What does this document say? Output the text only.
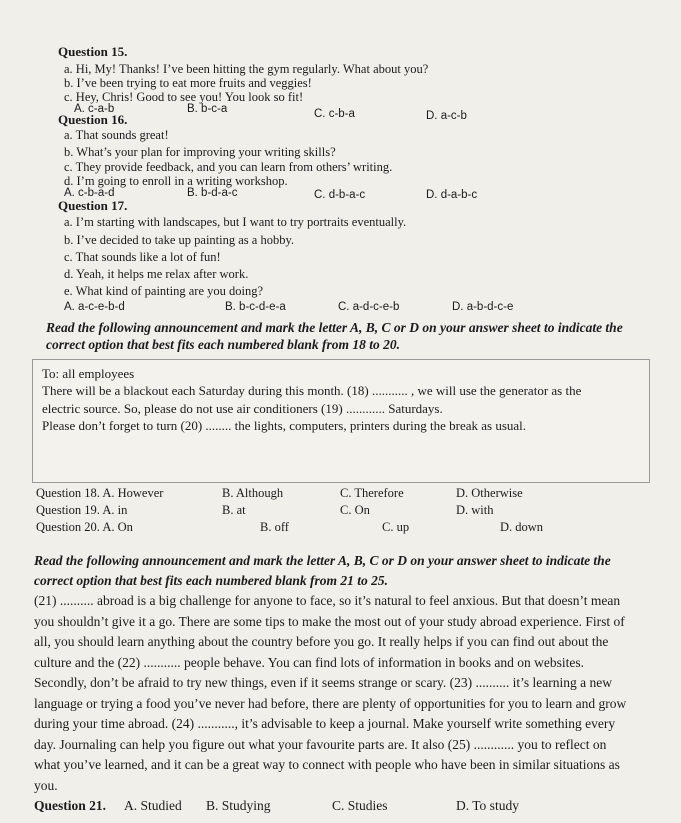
Question 15.
a. Hi, My! Thanks! I’ve been hitting the gym regularly. What about you?
b. I’ve been trying to eat more fruits and veggies!
c. Hey, Chris! Good to see you! You look so fit!
A. c-a-b	B. b-c-a	C. c-b-a	D. a-c-b
Question 16.
a. That sounds great!
b. What’s your plan for improving your writing skills?
c. They provide feedback, and you can learn from others’ writing.
d. I’m going to enroll in a writing workshop.
A. c-b-a-d	B. b-d-a-c	C. d-b-a-c	D. d-a-b-c
Question 17.
a. I’m starting with landscapes, but I want to try portraits eventually.
b. I’ve decided to take up painting as a hobby.
c. That sounds like a lot of fun!
d. Yeah, it helps me relax after work.
e. What kind of painting are you doing?
A. a-c-e-b-d	B. b-c-d-e-a	C. a-d-c-e-b	D. a-b-d-c-e
Read the following announcement and mark the letter A, B, C or D on your answer sheet to indicate the
correct option that best fits each numbered blank from 18 to 20.
To: all employees
There will be a blackout each Saturday during this month. (18) ........... , we will use the generator as the
electric source. So, please do not use air conditioners (19) ............ Saturdays.
Please don’t forget to turn (20) ........ the lights, computers, printers during the break as usual.
Question 18. A. However	B. Although	C. Therefore	D. Otherwise
Question 19. A. in	B. at	C. On	D. with
Question 20. A. On	B. off	C. up	D. down
Read the following announcement and mark the letter A, B, C or D on your answer sheet to indicate the
correct option that best fits each numbered blank from 21 to 25.
(21) .......... abroad is a big challenge for anyone to face, so it’s natural to feel anxious. But that doesn’t mean
you shouldn’t give it a go. There are some tips to make the most out of your study abroad experience. First of
all, you should learn anything about the country before you go. It really helps if you can find out about the
culture and the (22) ........... people behave. You can find lots of information in books and on websites.
Secondly, don’t be afraid to try new things, even if it seems strange or scary. (23) .......... it’s learning a new
language or trying a food you’ve never had before, there are plenty of opportunities for you to learn and grow
during your time abroad. (24) ..........., it’s advisable to keep a journal. Make yourself write something every
day. Journaling can help you figure out what your favourite parts are. It also (25) ............ you to reflect on
what you’ve learned, and it can be a great way to connect with people who have been in similar situations as
you.
Question 21. A. Studied B. Studying	C. Studies	D. To study
